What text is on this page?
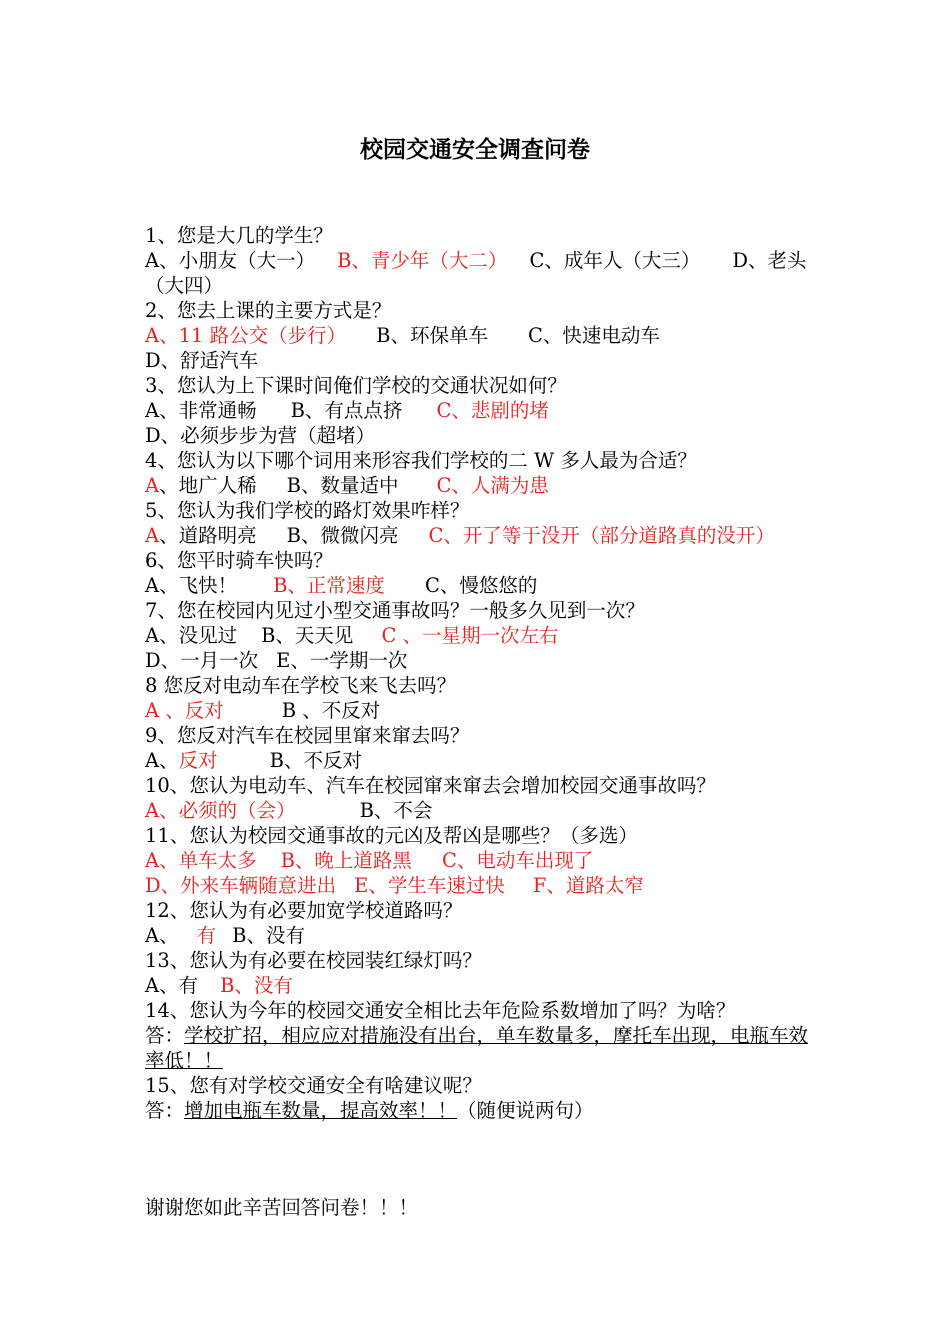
校园交通安全调查问卷
1、您是大几的学生？
A、小朋友（大一） B、青少年（大二） C、成年人（大三） D、老头（大四）
2、您去上课的主要方式是？
A、11 路公交（步行） B、环保单车 C、快速电动车
D、舒适汽车
3、您认为上下课时间俺们学校的交通状况如何？
A、非常通畅 B、有点点挤 C、悲剧的堵
D、必须步步为营（超堵）
4、您认为以下哪个词用来形容我们学校的二 W 多人最为合适？
A、地广人稀 B、数量适中 C、人满为患
5、您认为我们学校的路灯效果咋样？
A、道路明亮 B、微微闪亮 C、开了等于没开（部分道路真的没开）
6、您平时骑车快吗？
A、飞快！ B、正常速度 C、慢悠悠的
7、您在校园内见过小型交通事故吗？一般多久见到一次？
A、没见过 B、天天见 C 、一星期一次左右
D、一月一次 E、一学期一次
8 您反对电动车在学校飞来飞去吗？
A 、反对	B 、不反对
9、您反对汽车在校园里窜来窜去吗？
A、反对	B、不反对
10、您认为电动车、汽车在校园窜来窜去会增加校园交通事故吗？
A、必须的（会）	B、不会
11、您认为校园交通事故的元凶及帮凶是哪些？（多选）
A、单车太多 B、晚上道路黑 C、电动车出现了
D、外来车辆随意进出 E、学生车速过快 F、道路太窄
12、您认为有必要加宽学校道路吗？
A、 有 B、没有
13、您认为有必要在校园装红绿灯吗？
A、有 B、没有
14、您认为今年的校园交通安全相比去年危险系数增加了吗？为啥？
答：学校扩招，相应应对措施没有出台，单车数量多，摩托车出现，电瓶车效率低！！
15、您有对学校交通安全有啥建议呢？
答：增加电瓶车数量，提高效率！！（随便说两句）
谢谢您如此辛苦回答问卷！！！
